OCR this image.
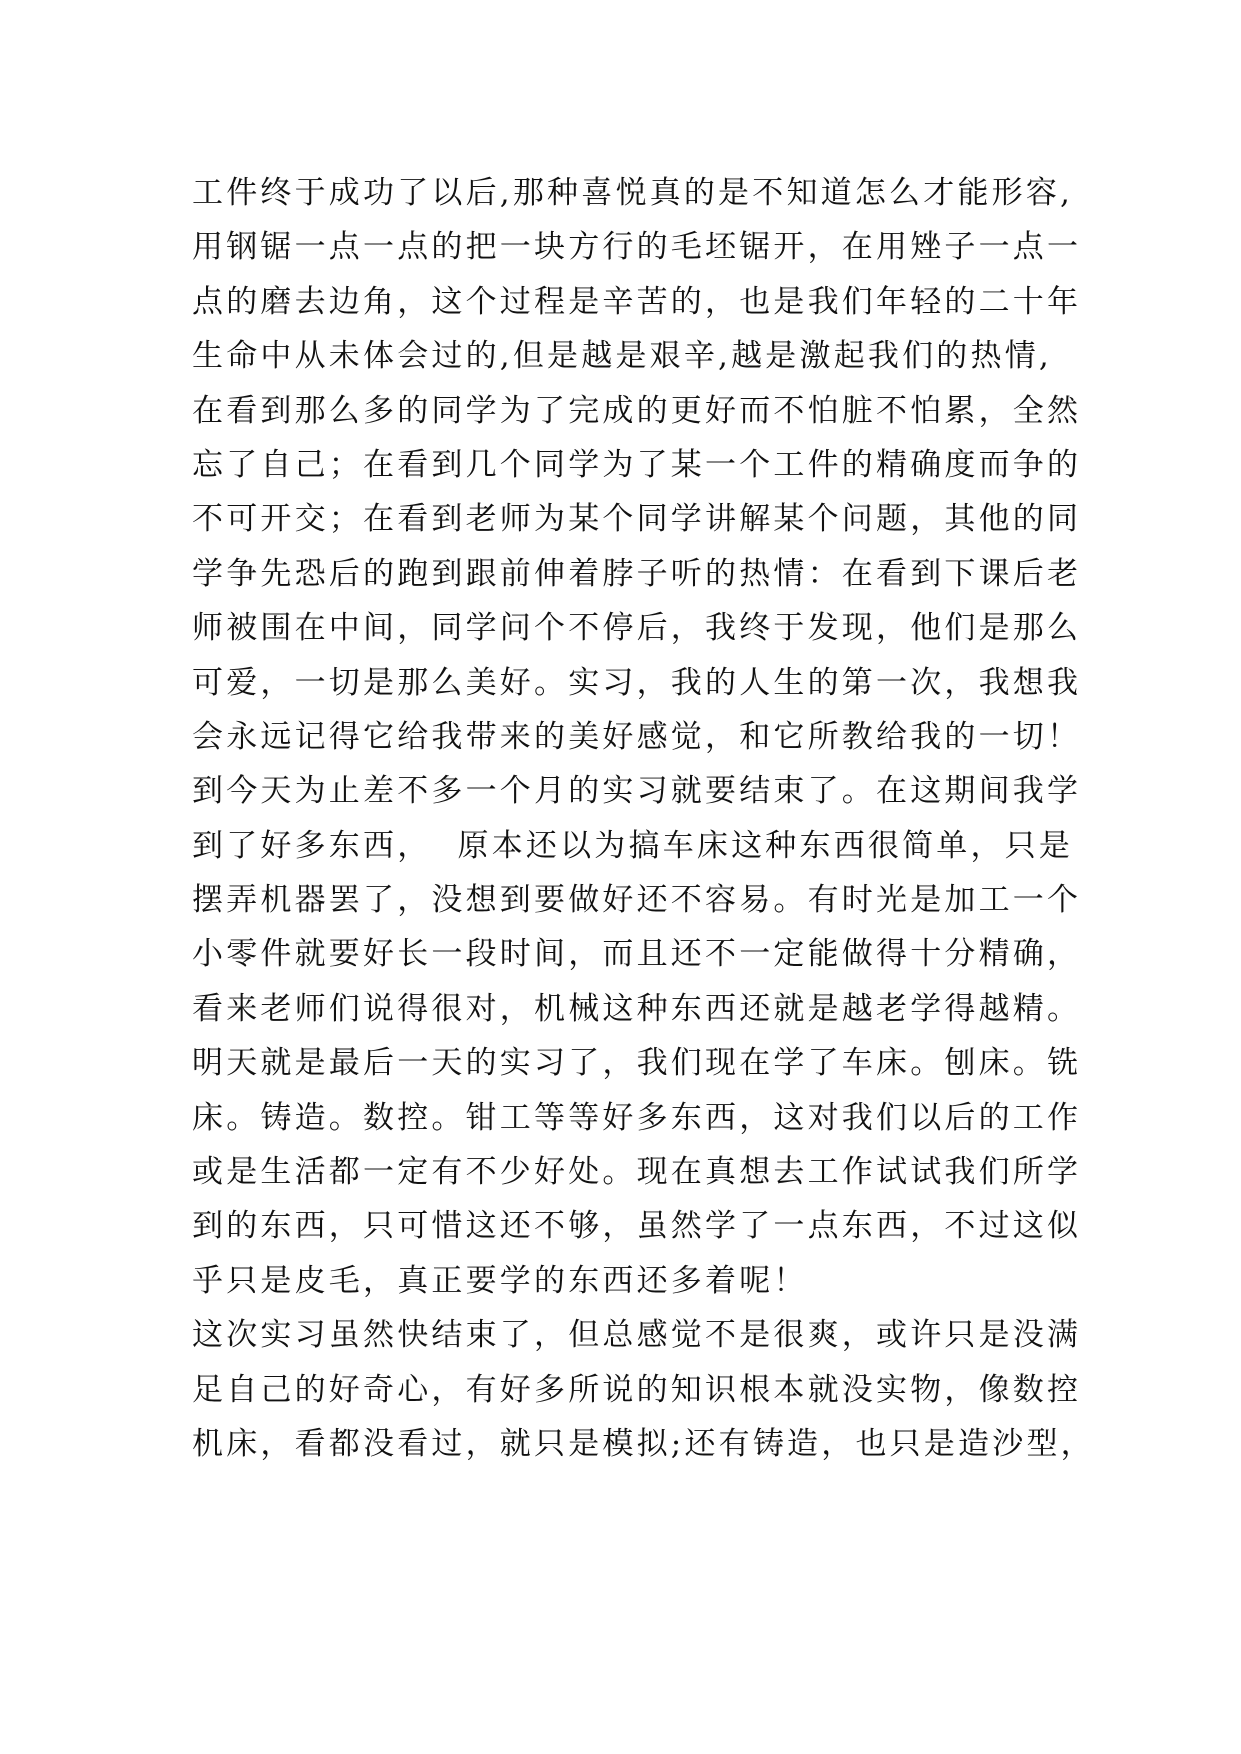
工件终于成功了以后,那种喜悦真的是不知道怎么才能形容,
用钢锯一点一点的把一块方行的毛坯锯开，在用矬子一点一
点的磨去边角，这个过程是辛苦的，也是我们年轻的二十年
生命中从未体会过的,但是越是艰辛,越是激起我们的热情,
在看到那么多的同学为了完成的更好而不怕脏不怕累，全然
忘了自己；在看到几个同学为了某一个工件的精确度而争的
不可开交；在看到老师为某个同学讲解某个问题，其他的同
学争先恐后的跑到跟前伸着脖子听的热情：在看到下课后老
师被围在中间，同学问个不停后，我终于发现，他们是那么
可爱，一切是那么美好。实习，我的人生的第一次，我想我
会永远记得它给我带来的美好感觉，和它所教给我的一切！
到今天为止差不多一个月的实习就要结束了。在这期间我学
到了好多东西，  原本还以为搞车床这种东西很简单，只是
摆弄机器罢了，没想到要做好还不容易。有时光是加工一个
小零件就要好长一段时间，而且还不一定能做得十分精确，
看来老师们说得很对，机械这种东西还就是越老学得越精。
明天就是最后一天的实习了，我们现在学了车床。刨床。铣
床。铸造。数控。钳工等等好多东西，这对我们以后的工作
或是生活都一定有不少好处。现在真想去工作试试我们所学
到的东西，只可惜这还不够，虽然学了一点东西，不过这似
乎只是皮毛，真正要学的东西还多着呢！
这次实习虽然快结束了，但总感觉不是很爽，或许只是没满
足自己的好奇心，有好多所说的知识根本就没实物，像数控
机床，看都没看过，就只是模拟;还有铸造，也只是造沙型，
